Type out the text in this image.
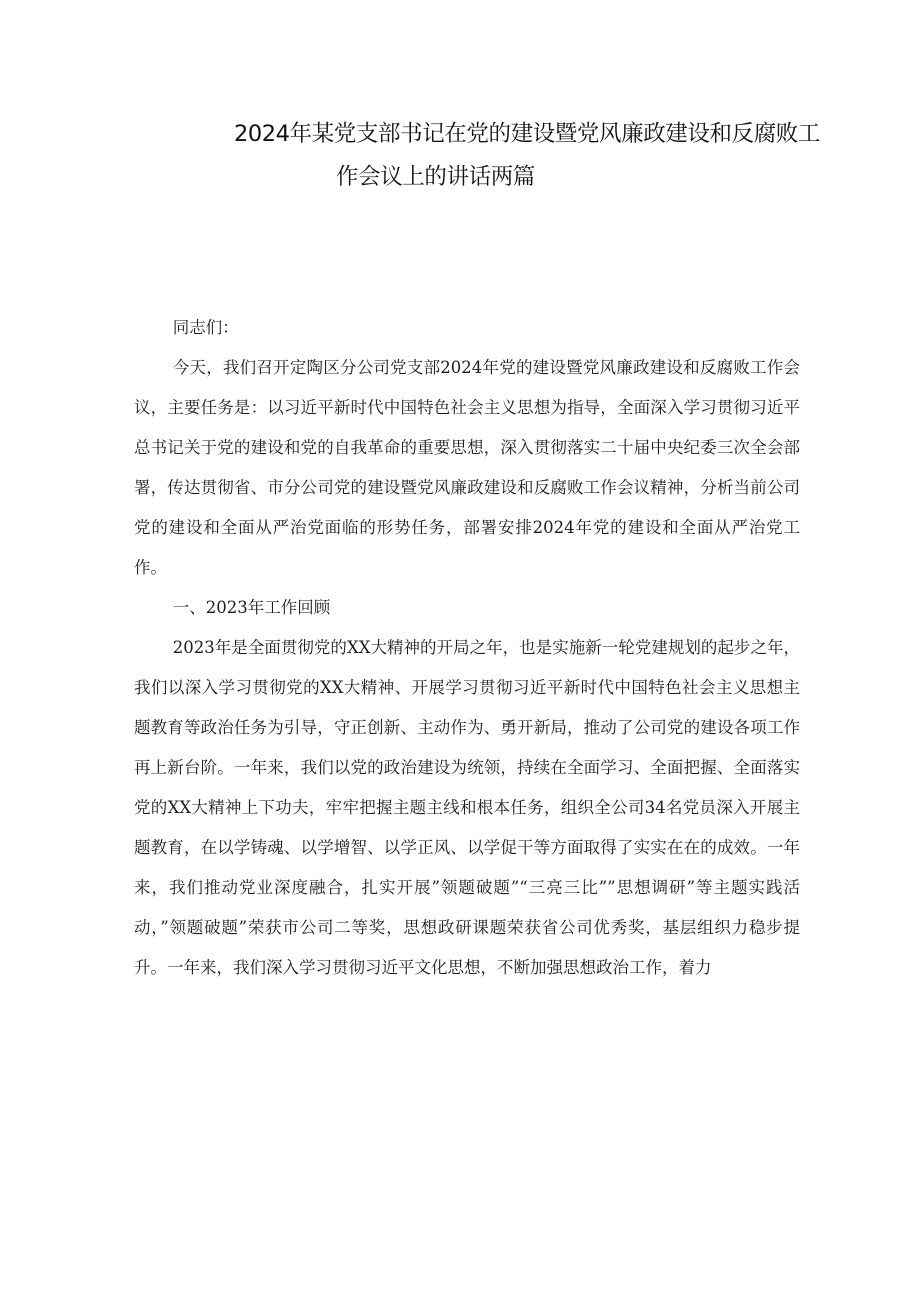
2024年某党支部书记在党的建设暨党风廉政建设和反腐败工
作会议上的讲话两篇

同志们：

今天，我们召开定陶区分公司党支部2024年党的建设暨党风廉政建设和反腐败工作会议，主要任务是：以习近平新时代中国特色社会主义思想为指导，全面深入学习贯彻习近平总书记关于党的建设和党的自我革命的重要思想，深入贯彻落实二十届中央纪委三次全会部署，传达贯彻省、市分公司党的建设暨党风廉政建设和反腐败工作会议精神，分析当前公司党的建设和全面从严治党面临的形势任务，部署安排2024年党的建设和全面从严治党工作。

一、2023年工作回顾

2023年是全面贯彻党的XX大精神的开局之年，也是实施新一轮党建规划的起步之年，我们以深入学习贯彻党的XX大精神、开展学习贯彻习近平新时代中国特色社会主义思想主题教育等政治任务为引导，守正创新、主动作为、勇开新局，推动了公司党的建设各项工作再上新台阶。一年来，我们以党的政治建设为统领，持续在全面学习、全面把握、全面落实党的XX大精神上下功夫，牢牢把握主题主线和根本任务，组织全公司34名党员深入开展主题教育，在以学铸魂、以学增智、以学正风、以学促干等方面取得了实实在在的成效。一年来，我们推动党业深度融合，扎实开展”领题破题”“三亮三比””思想调研”等主题实践活动，”领题破题”荣获市公司二等奖，思想政研课题荣获省公司优秀奖，基层组织力稳步提升。一年来，我们深入学习贯彻习近平文化思想，不断加强思想政治工作，着力
